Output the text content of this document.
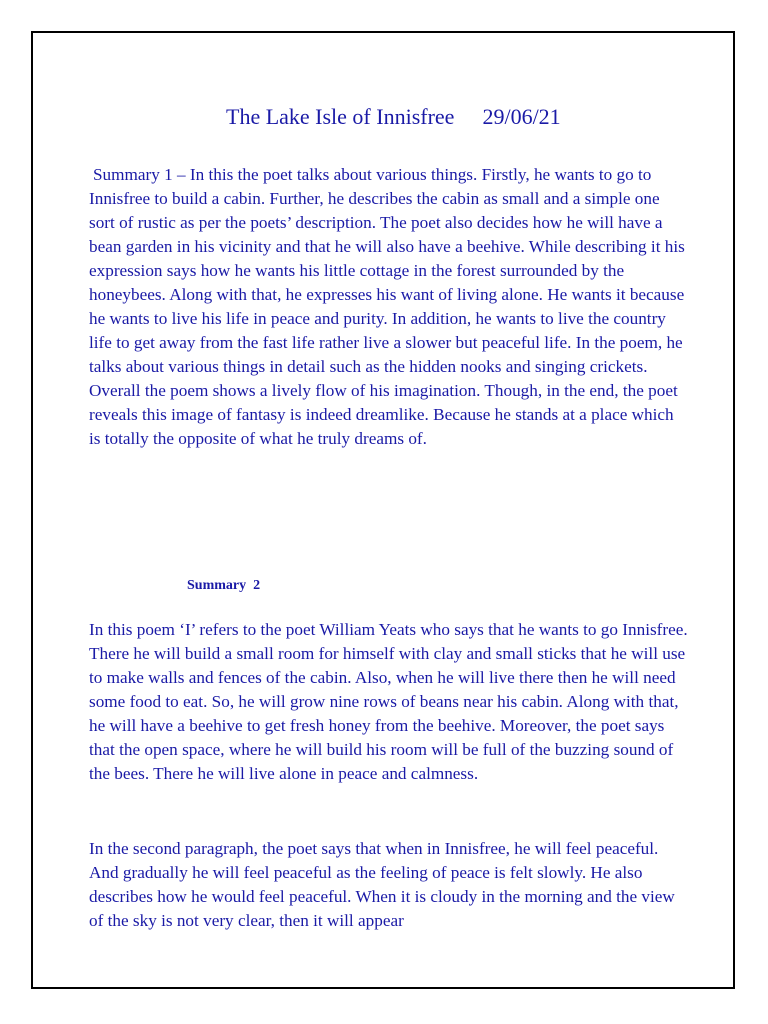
The Lake Isle of Innisfree 29/06/21

Summary 1 – In this the poet talks about various things. Firstly, he wants to go to Innisfree to build a cabin. Further, he describes the cabin as small and a simple one sort of rustic as per the poets’ description. The poet also decides how he will have a bean garden in his vicinity and that he will also have a beehive. While describing it his expression says how he wants his little cottage in the forest surrounded by the honeybees. Along with that, he expresses his want of living alone. He wants it because he wants to live his life in peace and purity. In addition, he wants to live the country life to get away from the fast life rather live a slower but peaceful life. In the poem, he talks about various things in detail such as the hidden nooks and singing crickets. Overall the poem shows a lively flow of his imagination. Though, in the end, the poet reveals this image of fantasy is indeed dreamlike. Because he stands at a place which is totally the opposite of what he truly dreams of.

Summary  2

In this poem ‘I’ refers to the poet William Yeats who says that he wants to go Innisfree. There he will build a small room for himself with clay and small sticks that he will use to make walls and fences of the cabin. Also, when he will live there then he will need some food to eat. So, he will grow nine rows of beans near his cabin. Along with that, he will have a beehive to get fresh honey from the beehive. Moreover, the poet says that the open space, where he will build his room will be full of the buzzing sound of the bees. There he will live alone in peace and calmness.

In the second paragraph, the poet says that when in Innisfree, he will feel peaceful. And gradually he will feel peaceful as the feeling of peace is felt slowly. He also describes how he would feel peaceful. When it is cloudy in the morning and the view of the sky is not very clear, then it will appear
